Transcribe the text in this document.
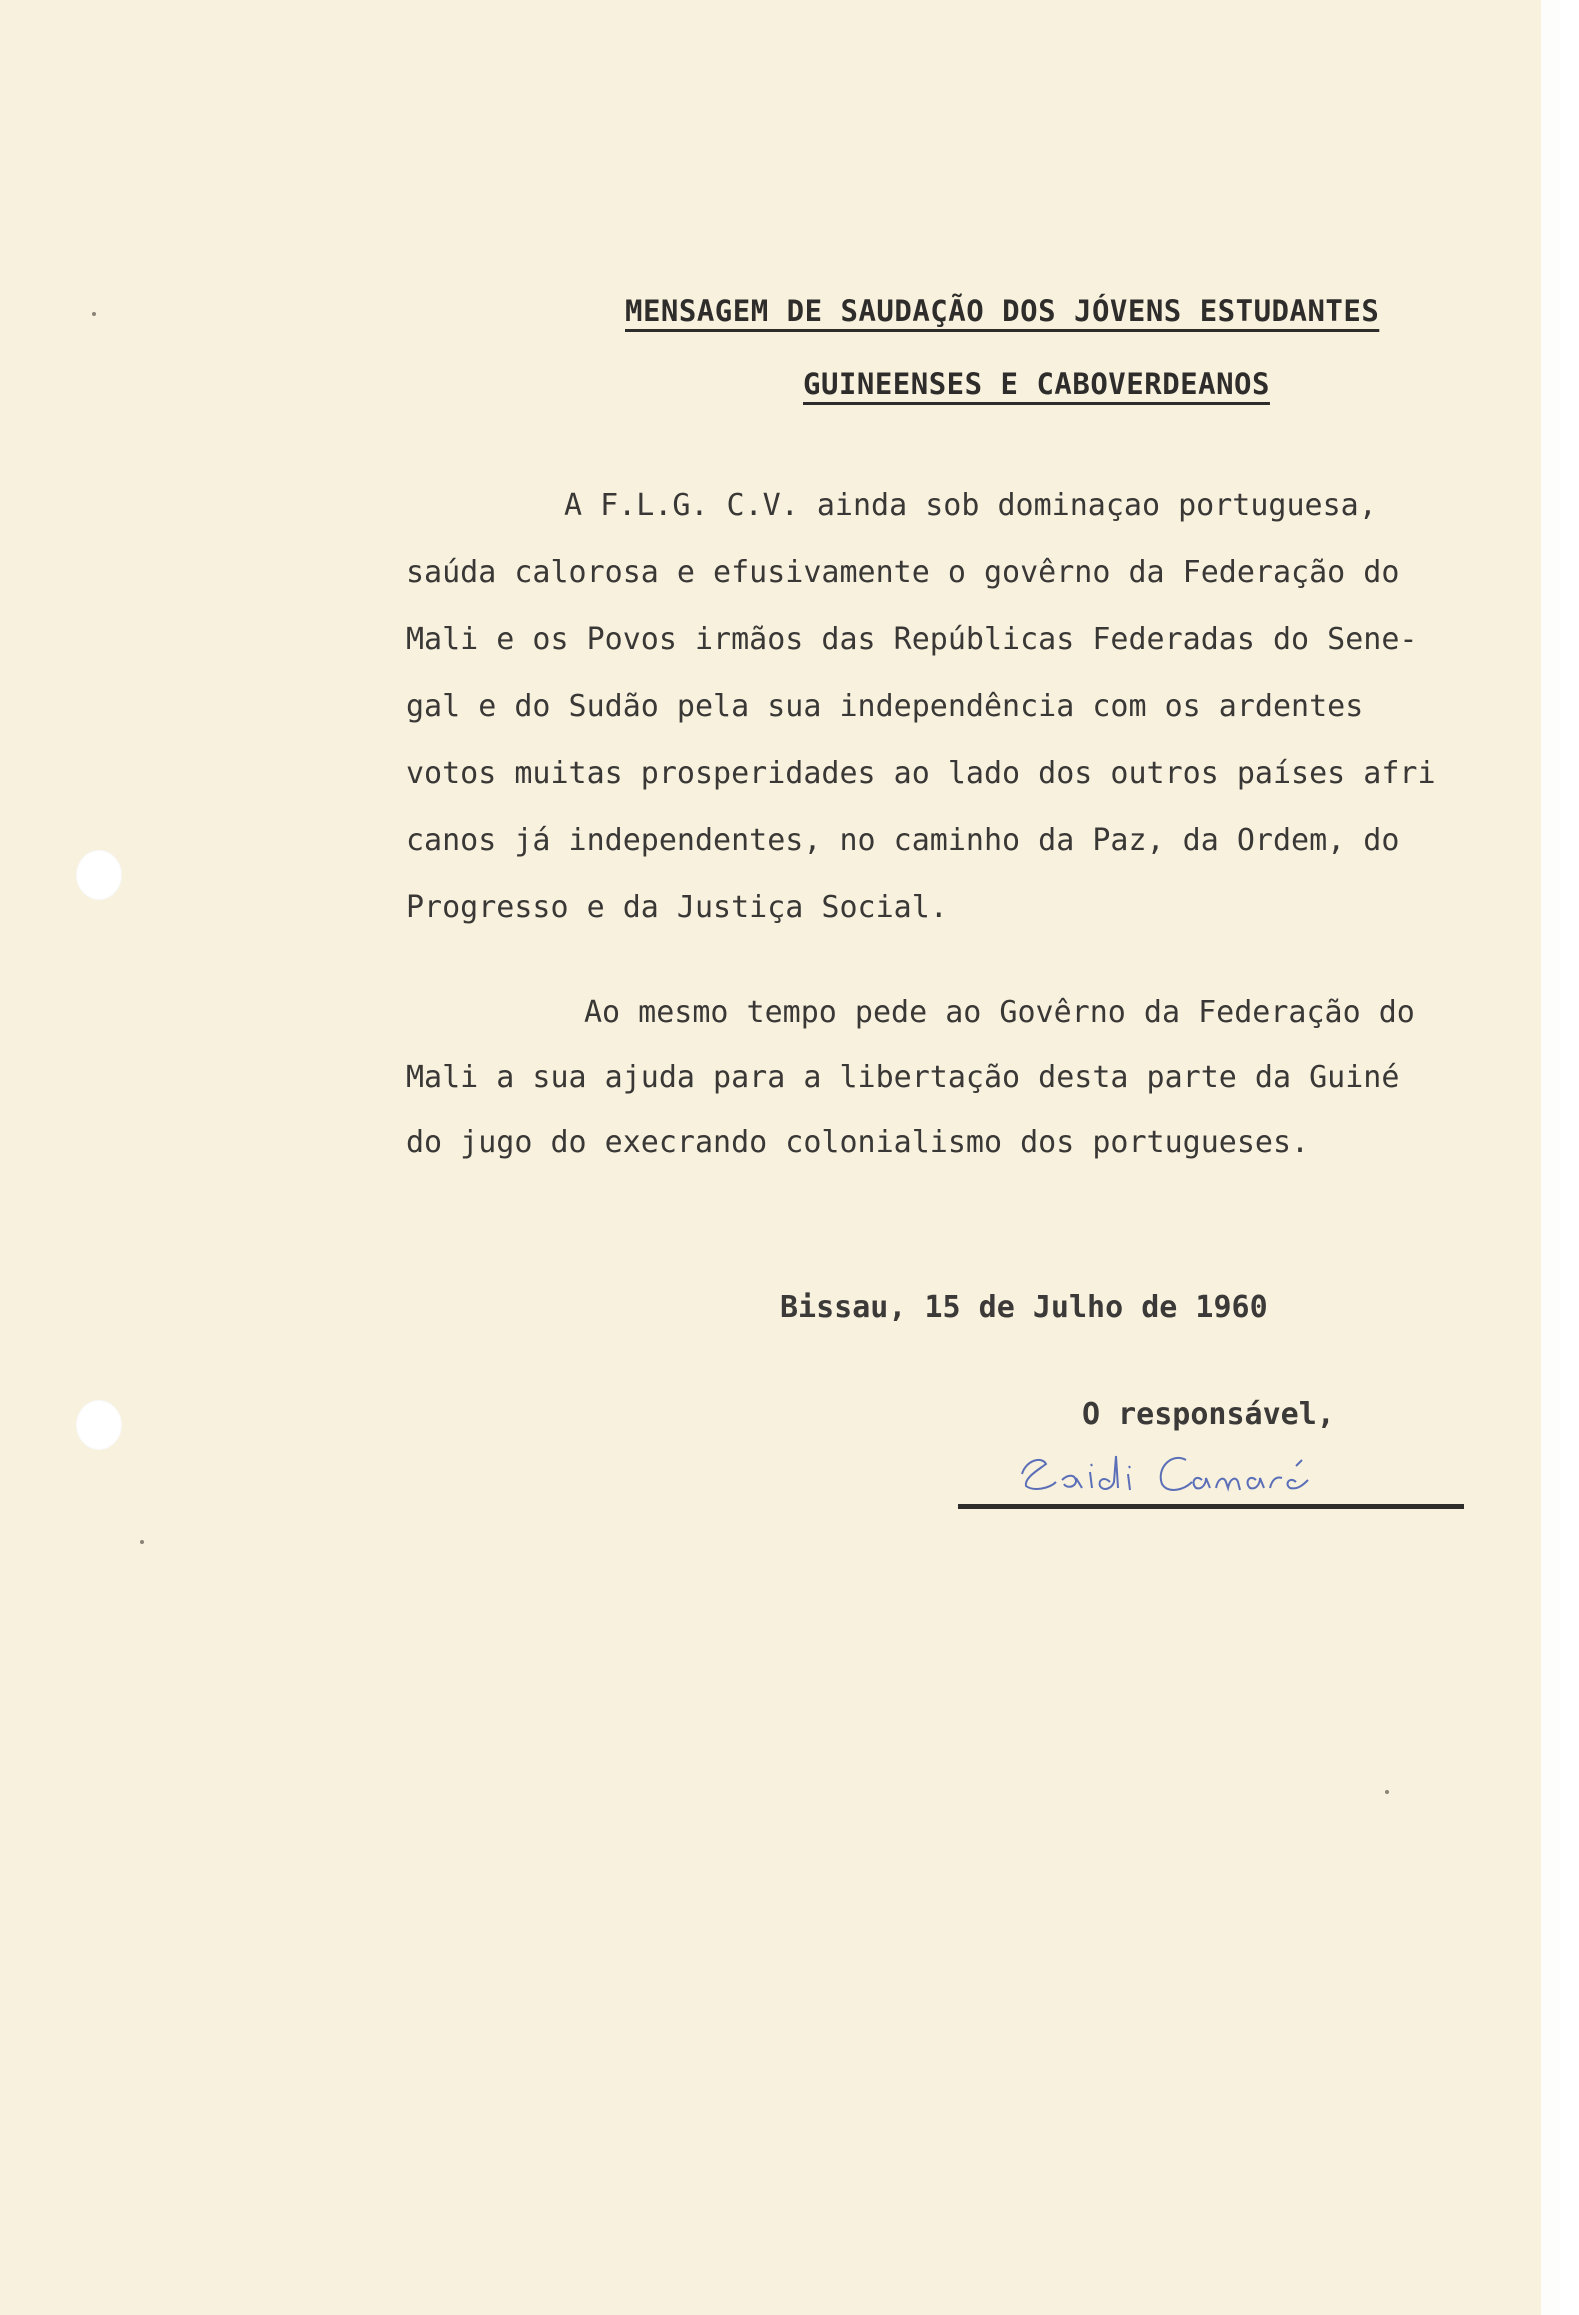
MENSAGEM DE SAUDAÇÃO DOS JÓVENS ESTUDANTES
GUINEENSES E CABOVERDEANOS
A F.L.G. C.V. ainda sob dominaçao portuguesa,
saúda calorosa e efusivamente o govêrno da Federação do
Mali e os Povos irmãos das Repúblicas Federadas do Sene-
gal e do Sudão pela sua independência com os ardentes
votos muitas prosperidades ao lado dos outros países afri
canos já independentes, no caminho da Paz, da Ordem, do
Progresso e da Justiça Social.
Ao mesmo tempo pede ao Govêrno da Federação do
Mali a sua ajuda para a libertação desta parte da Guiné
do jugo do execrando colonialismo dos portugueses.
Bissau, 15 de Julho de 1960
O responsável,
